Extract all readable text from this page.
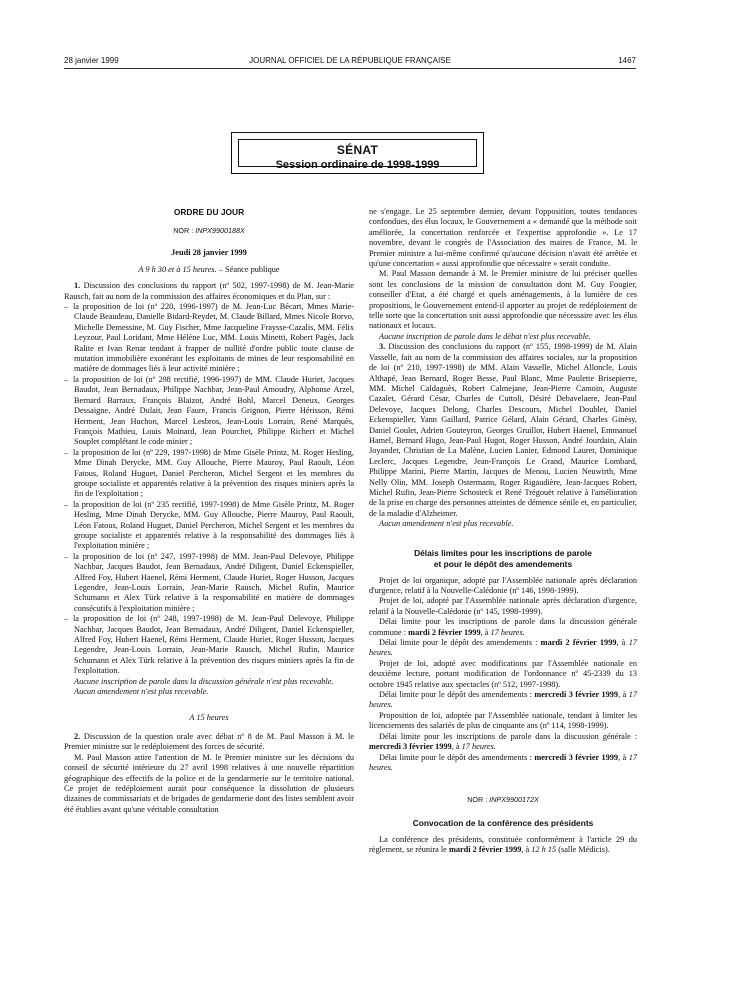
28 janvier 1999	JOURNAL OFFICIEL DE LA RÉPUBLIQUE FRANÇAISE	1467
SÉNAT
Session ordinaire de 1998-1999
ORDRE DU JOUR

NOR : INPX9900188X

Jeudi 28 janvier 1999

A 9 h 30 et à 15 heures. – Séance publique

1. Discussion des conclusions du rapport (nº 502, 1997-1998) de M. Jean-Marie Rausch, fait au nom de la commission des affaires économiques et du Plan, sur :

– la proposition de loi (nº 220, 1996-1997) de M. Jean-Luc Bécart, Mmes Marie-Claude Beaudeau, Danielle Bidard-Reydet, M. Claude Billard, Mmes Nicole Borvo, Michelle Demessine, M. Guy Fischer, Mme Jacqueline Fraysse-Cazalis, MM. Félix Leyzour, Paul Loridant, Mme Hélène Luc, MM. Louis Minetti, Robert Pagès, Jack Ralite et Ivan Renar tendant à frapper de nullité d'ordre public toute clause de mutation immobilière exonérant les exploitants de mines de leur responsabilité en matière de dommages liés à leur activité minière ;

– la proposition de loi (nº 298 rectifié, 1996-1997) de MM. Claude Huriet, Jacques Baudot, Jean Bernadaux, Philippe Nachbar, Jean-Paul Amoudry, Alphonse Arzel, Bernard Barraux, François Blaizot, André Bohl, Marcel Deneux, Georges Dessaigne, André Dulait, Jean Faure, Francis Grignon, Pierre Hérisson, Rémi Herment, Jean Huchon, Marcel Lesbros, Jean-Louis Lorrain, René Marquès, François Mathieu, Louis Moinard, Jean Pourchet, Philippe Richert et Michel Souplet complétant le code minier ;

– la proposition de loi (nº 229, 1997-1998) de Mme Gisèle Printz, M. Roger Hesling, Mme Dinah Derycke, MM. Guy Allouche, Pierre Mauroy, Paul Raoult, Léon Fatous, Roland Huguet, Daniel Percheron, Michel Sergent et les membres du groupe socialiste et apparentés relative à la prévention des risques miniers après la fin de l'exploitation ;

– la proposition de loi (nº 235 rectifié, 1997-1998) de Mme Gisèle Printz, M. Roger Hesling, Mme Dinah Derycke, MM. Guy Allouche, Pierre Mauroy, Paul Raoult, Léon Fatous, Roland Huguet, Daniel Percheron, Michel Sergent et les membres du groupe socialiste et apparentés relative à la responsabilité des dommages liés à l'exploitation minière ;

– la proposition de loi (nº 247, 1997-1998) de MM. Jean-Paul Delevoye, Philippe Nachbar, Jacques Baudot, Jean Bernadaux, André Diligent, Daniel Eckenspieller, Alfred Foy, Hubert Haenel, Rémi Herment, Claude Huriet, Roger Husson, Jacques Legendre, Jean-Louis Lorrain, Jean-Marie Rausch, Michel Rufin, Maurice Schumann et Alex Türk relative à la responsabilité en matière de dommages consécutifs à l'exploitation minière ;

– la proposition de loi (nº 248, 1997-1998) de M. Jean-Paul Delevoye, Philippe Nachbar, Jacques Baudot, Jean Bernadaux, André Diligent, Daniel Eckenspieller, Alfred Foy, Hubert Haenel, Rémi Herment, Claude Huriet, Roger Husson, Jacques Legendre, Jean-Louis Lorrain, Jean-Marie Rausch, Michel Rufin, Maurice Schumann et Alex Türk relative à la prévention des risques miniers après la fin de l'exploitation.

Aucune inscription de parole dans la discussion générale n'est plus recevable.

Aucun amendement n'est plus recevable.

A 15 heures

2. Discussion de la question orale avec débat nº 8 de M. Paul Masson à M. le Premier ministre sur le redéploiement des forces de sécurité.

M. Paul Masson attire l'attention de M. le Premier ministre sur les décisions du conseil de sécurité intérieure du 27 avril 1998 relatives à une nouvelle répartition géographique des effectifs de la police et de la gendarmerie sur le territoire national. Ce projet de redéploiement aurait pour conséquence la dissolution de plusieurs dizaines de commissariats et de brigades de gendarmerie dont des listes semblent avoir été établies avant qu'une véritable consultation

ne s'engage. Le 25 septembre dernier, devant l'opposition, toutes tendances confondues, des élus locaux, le Gouvernement a « demandé que la méthode soit améliorée, la concertation renforcée et l'expertise approfondie ». Le 17 novembre, devant le congrès de l'Association des maires de France, M. le Premier ministre a lui-même confirmé qu'aucune décision n'avait été arrêtée et qu'une concertation « aussi approfondie que nécessaire » serait conduite.

M. Paul Masson demande à M. le Premier ministre de lui préciser quelles sont les conclusions de la mission de consultation dont M. Guy Fougier, conseiller d'Etat, a été chargé et quels aménagements, à la lumière de ces propositions, le Gouvernement entend-il apporter au projet de redéploiement de telle sorte que la concertation soit aussi approfondie que nécessaire avec les élus nationaux et locaux.

Aucune inscription de parole dans le débat n'est plus recevable.

3. Discussion des conclusions du rapport (nº 155, 1998-1999) de M. Alain Vasselle, fait au nom de la commission des affaires sociales, sur la proposition de loi (nº 210, 1997-1998) de MM. Alain Vasselle, Michel Alloncle, Louis Althapé, Jean Bernard, Roger Besse, Paul Blanc, Mme Paulette Brisepierre, MM. Michel Caldaguès, Robert Calmejane, Jean-Pierre Camoin, Auguste Cazalet, Gérard César, Charles de Cuttoli, Désiré Debavelaere, Jean-Paul Delevoye, Jacques Delong, Charles Descours, Michel Doublet, Daniel Eckenspieller, Yann Gaillard, Patrice Gélard, Alain Gérard, Charles Ginésy, Daniel Goulet, Adrien Gouteyron, Georges Gruillot, Hubert Haenel, Emmanuel Hamel, Bernard Hugo, Jean-Paul Hugot, Roger Husson, André Jourdain, Alain Joyandet, Christian de La Malène, Lucien Lanier, Edmond Lauret, Dominique Leclerc, Jacques Legendre, Jean-François Le Grand, Maurice Lombard, Philippe Marini, Pierre Martin, Jacques de Menou, Lucien Neuwirth, Mme Nelly Olin, MM. Joseph Ostermann, Roger Rigaudière, Jean-Jacques Robert, Michel Rufin, Jean-Pierre Schosteck et René Trégouët relative à l'amélioration de la prise en charge des personnes atteintes de démence sénile et, en particulier, de la maladie d'Alzheimer.

Aucun amendement n'est plus recevable.

Délais limites pour les inscriptions de parole
et pour le dépôt des amendements

Projet de loi organique, adopté par l'Assemblée nationale après déclaration d'urgence, relatif à la Nouvelle-Calédonie (nº 146, 1998-1999).

Projet de loi, adopté par l'Assemblée nationale après déclaration d'urgence, relatif à la Nouvelle-Calédonie (nº 145, 1998-1999).

Délai limite pour les inscriptions de parole dans la discussion générale commune : mardi 2 février 1999, à 17 heures.

Délai limite pour le dépôt des amendements : mardi 2 février 1999, à 17 heures.

Projet de loi, adopté avec modifications par l'Assemblée nationale en deuxième lecture, portant modification de l'ordonnance nº 45-2339 du 13 octobre 1945 relative aux spectacles (nº 512, 1997-1998).

Délai limite pour le dépôt des amendements : mercredi 3 février 1999, à 17 heures.

Proposition de loi, adoptée par l'Assemblée nationale, tendant à limiter les licenciements des salariés de plus de cinquante ans (nº 114, 1998-1999).

Délai limite pour les inscriptions de parole dans la discussion générale : mercredi 3 février 1999, à 17 heures.

Délai limite pour le dépôt des amendements : mercredi 3 février 1999, à 17 heures.

NOR : INPX9900172X

Convocation de la conférence des présidents

La conférence des présidents, constituée conformément à l'article 29 du règlement, se réunira le mardi 2 février 1999, à 12 h 15 (salle Médicis).
